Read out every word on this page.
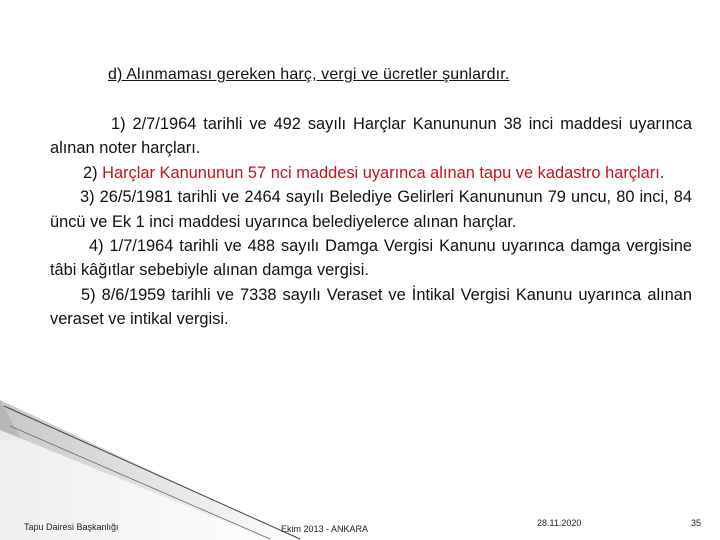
d) Alınmaması gereken harç, vergi ve ücretler şunlardır.

1) 2/7/1964 tarihli ve 492 sayılı Harçlar Kanununun 38 inci maddesi uyarınca alınan noter harçları.

2) Harçlar Kanununun 57 nci maddesi uyarınca alınan tapu ve kadastro harçları.

3) 26/5/1981 tarihli ve 2464 sayılı Belediye Gelirleri Kanununun 79 uncu, 80 inci, 84 üncü ve Ek 1 inci maddesi uyarınca belediyelerce alınan harçlar.

4) 1/7/1964 tarihli ve 488 sayılı Damga Vergisi Kanunu uyarınca damga vergisine tâbi kâğıtlar sebebiyle alınan damga vergisi.

5) 8/6/1959 tarihli ve 7338 sayılı Veraset ve İntikal Vergisi Kanunu uyarınca alınan veraset ve intikal vergisi.

Tapu Dairesi Başkanlığı	Ekim 2013 - ANKARA
28.11.2020	35
